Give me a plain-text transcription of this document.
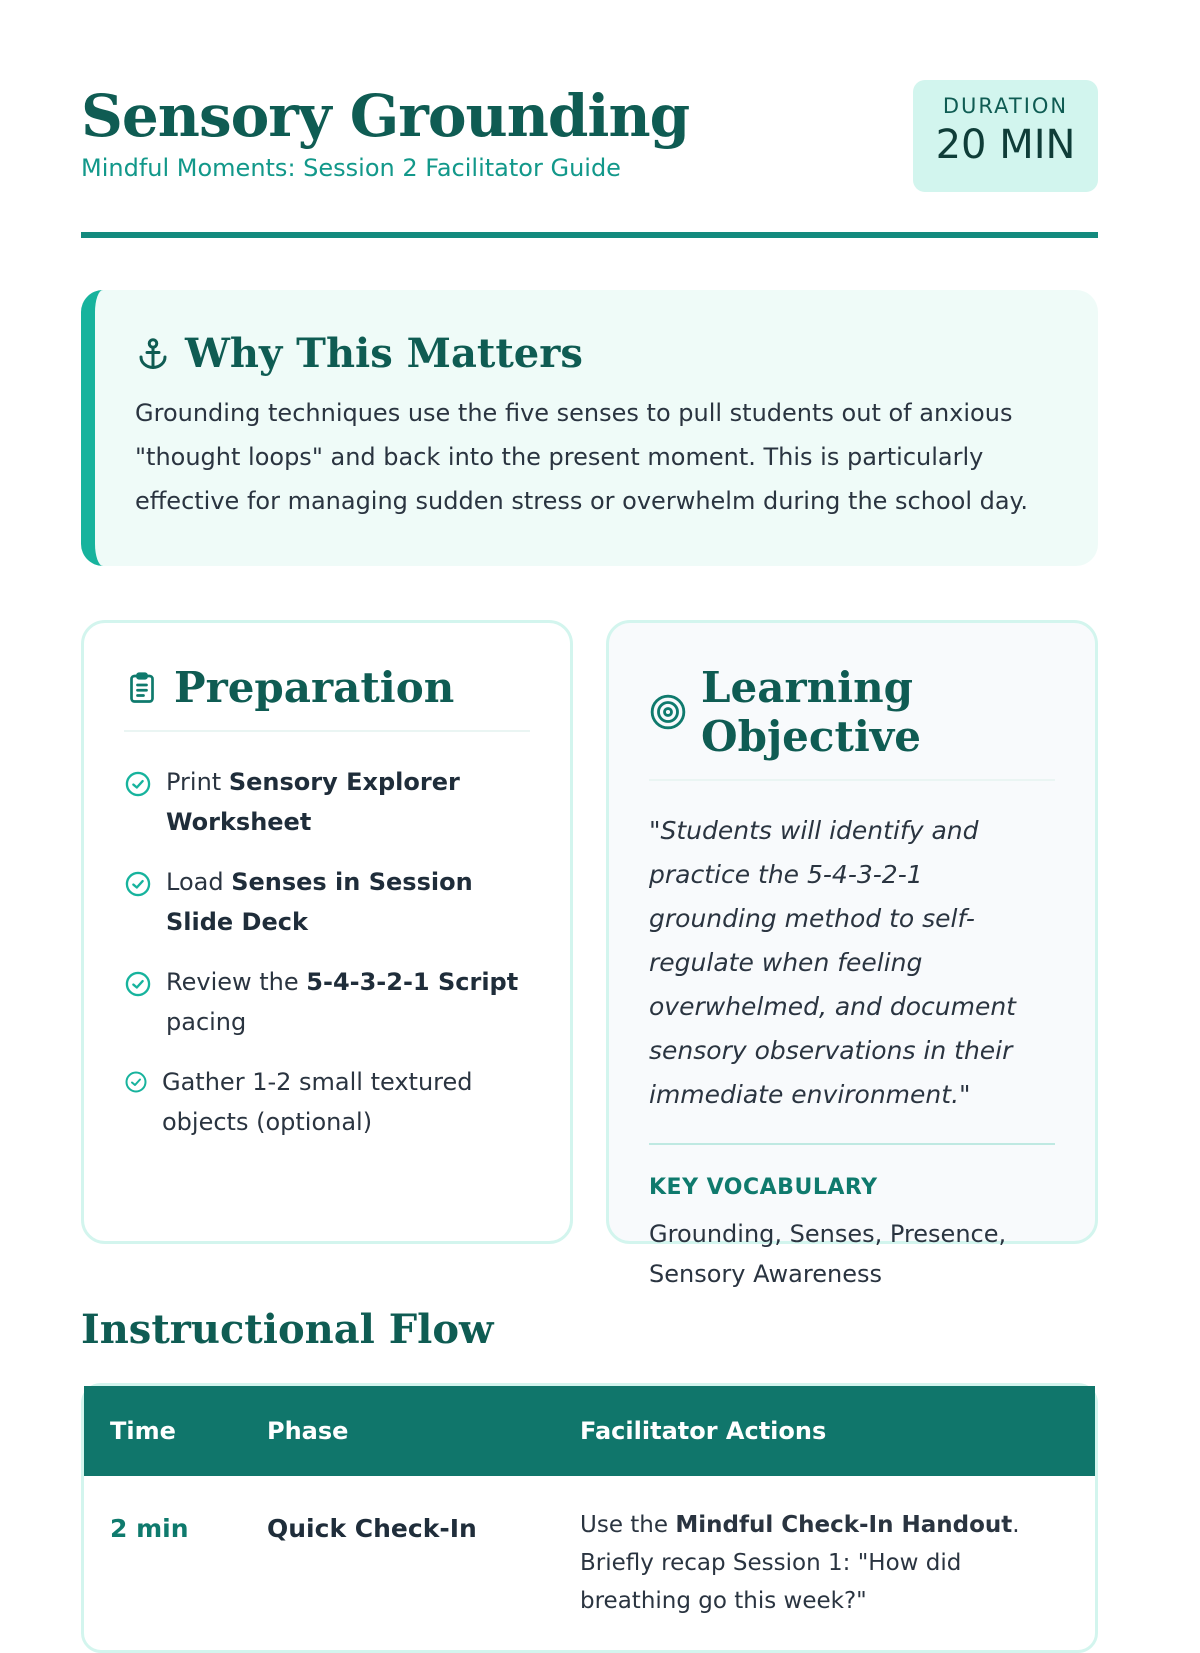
Sensory Grounding
Mindful Moments: Session 2 Facilitator Guide
DURATION
20 MIN
Why This Matters

Grounding techniques use the five senses to pull students out of anxious "thought loops" and back into the present moment. This is particularly effective for managing sudden stress or overwhelm during the school day.

Preparation
Print Sensory Explorer Worksheet
Load Senses in Session Slide Deck
Review the 5-4-3-2-1 Script pacing
Gather 1-2 small textured objects (optional)
Learning Objective
"Students will identify and practice the 5-4-3-2-1 grounding method to self-regulate when feeling overwhelmed, and document sensory observations in their immediate environment."
KEY VOCABULARY
Grounding, Senses, Presence, Sensory Awareness
Instructional Flow
Time	Phase	Facilitator Actions
2 min	Quick Check-In	Use the Mindful Check-In Handout. Briefly recap Session 1: "How did breathing go this week?"
